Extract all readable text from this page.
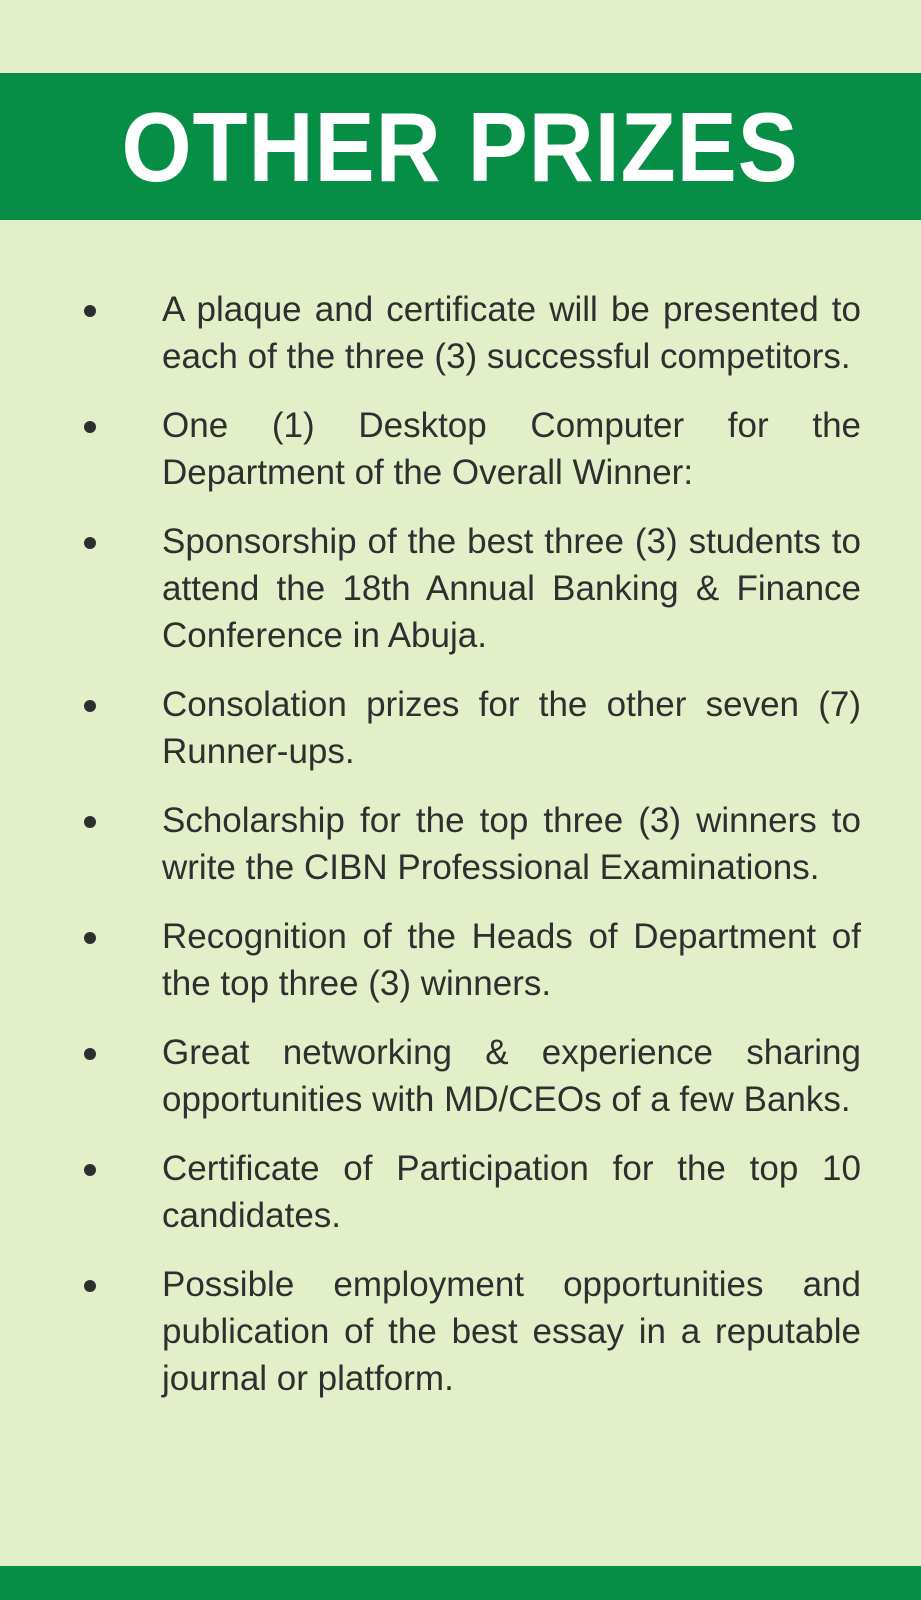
OTHER PRIZES
A plaque and certificate will be presented to each of the three (3) successful competitors.
One (1) Desktop Computer for the Department of the Overall Winner:
Sponsorship of the best three (3) students to attend the 18th Annual Banking & Finance Conference in Abuja.
Consolation prizes for the other seven (7) Runner-ups.
Scholarship for the top three (3) winners to write the CIBN Professional Examinations.
Recognition of the Heads of Department of the top three (3) winners.
Great networking & experience sharing opportunities with MD/CEOs of a few Banks.
Certificate of Participation for the top 10 candidates.
Possible employment opportunities and publication of the best essay in a reputable journal or platform.
